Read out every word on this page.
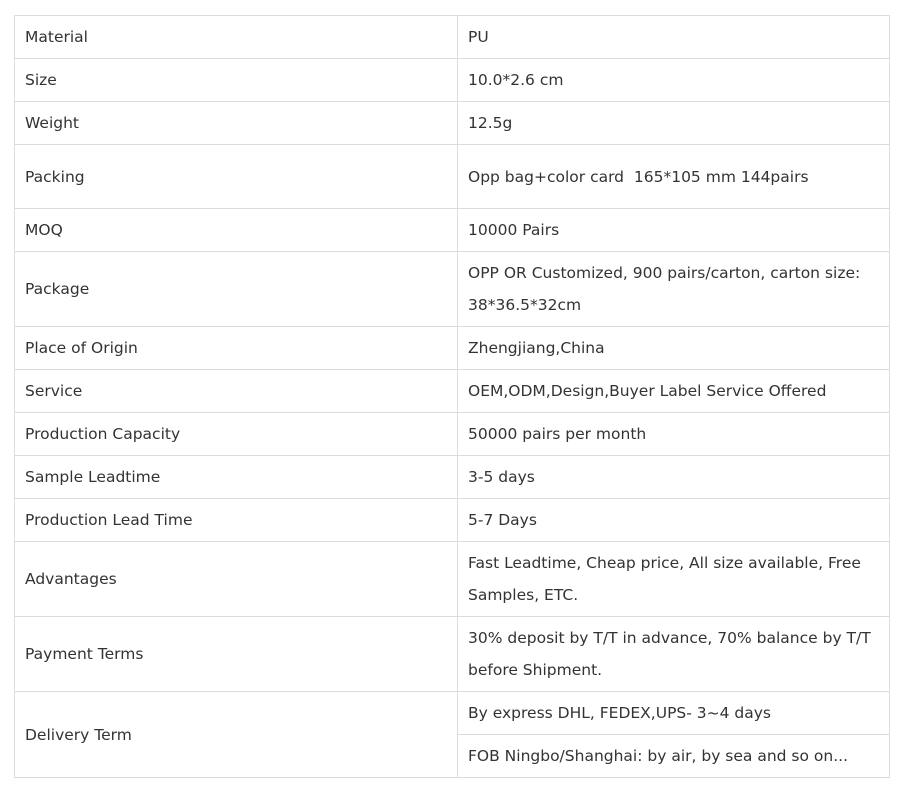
Material	PU
Size	10.0*2.6 cm
Weight	12.5g
Packing	Opp bag+color card  165*105 mm 144pairs
MOQ	10000 Pairs
Package	OPP OR Customized, 900 pairs/carton, carton size: 38*36.5*32cm
Place of Origin	Zhengjiang,China
Service	OEM,ODM,Design,Buyer Label Service Offered
Production Capacity	50000 pairs per month
Sample Leadtime	3-5 days
Production Lead Time	5-7 Days
Advantages	Fast Leadtime, Cheap price, All size available, Free Samples, ETC.
Payment Terms	30% deposit by T/T in advance, 70% balance by T/T before Shipment.
Delivery Term	By express DHL, FEDEX,UPS- 3~4 days
	FOB Ningbo/Shanghai: by air, by sea and so on...
